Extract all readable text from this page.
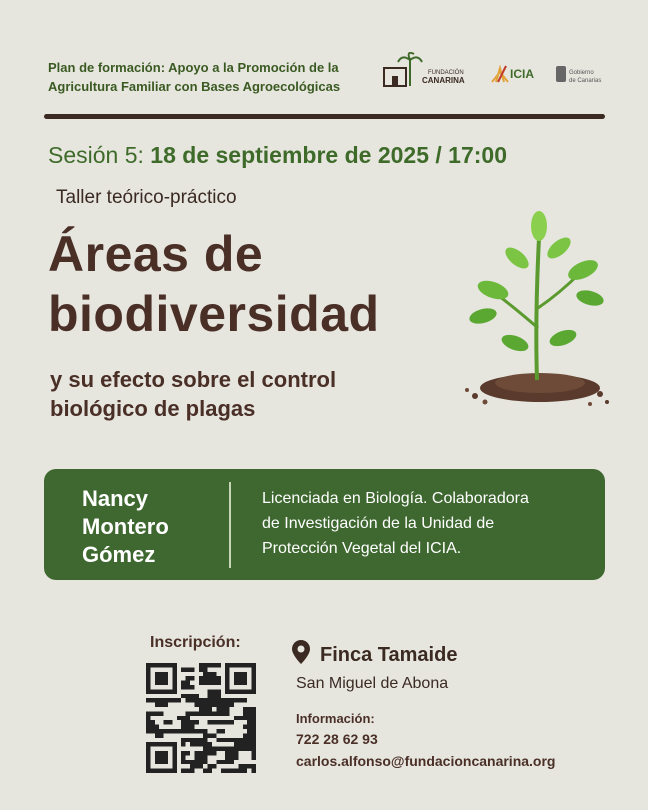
Plan de formación: Apoyo a la Promoción de la
Agricultura Familiar con Bases Agroecológicas
FUNDACIÓN
CANARINA	ICIA	Gobierno
de Canarias
Sesión 5: 18 de septiembre de 2025 / 17:00
Taller teórico-práctico
Áreas de
biodiversidad
y su efecto sobre el control
biológico de plagas
Nancy
Montero
Gómez
Licenciada en Biología. Colaboradora
de Investigación de la Unidad de
Protección Vegetal del ICIA.
Inscripción:
Finca Tamaide
San Miguel de Abona
Información:
722 28 62 93
carlos.alfonso@fundacioncanarina.org
